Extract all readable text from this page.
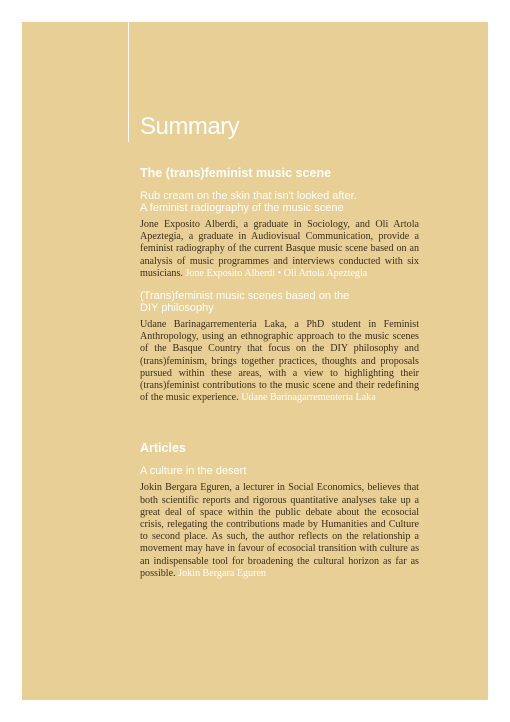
Summary
The (trans)feminist music scene
Rub cream on the skin that isn't looked after.
A feminist radiography of the music scene

Jone Exposito Alberdi, a graduate in Sociology, and Oli Artola Apeztegia, a graduate in Audiovisual Communication, provide a feminist radiography of the current Basque music scene based on an analysis of music programmes and interviews conducted with six musicians. Jone Exposito Alberdi • Oli Artola Apeztegia

(Trans)feminist music scenes based on the
DIY philosophy

Udane Barinagarrementeria Laka, a PhD student in Feminist Anthropology, using an ethnographic approach to the music scenes of the Basque Country that focus on the DIY philosophy and (trans)feminism, brings together practices, thoughts and proposals pursued within these areas, with a view to highlighting their (trans)feminist contributions to the music scene and their redefining of the music experience. Udane Barinagarrementeria Laka

Articles
A culture in the desert

Jokin Bergara Eguren, a lecturer in Social Economics, believes that both scientific reports and rigorous quantitative analyses take up a great deal of space within the public debate about the ecosocial crisis, relegating the contributions made by Humanities and Culture to second place. As such, the author reflects on the relationship a movement may have in favour of ecosocial transition with culture as an indispensable tool for broadening the cultural horizon as far as possible. Jokin Bergara Eguren
